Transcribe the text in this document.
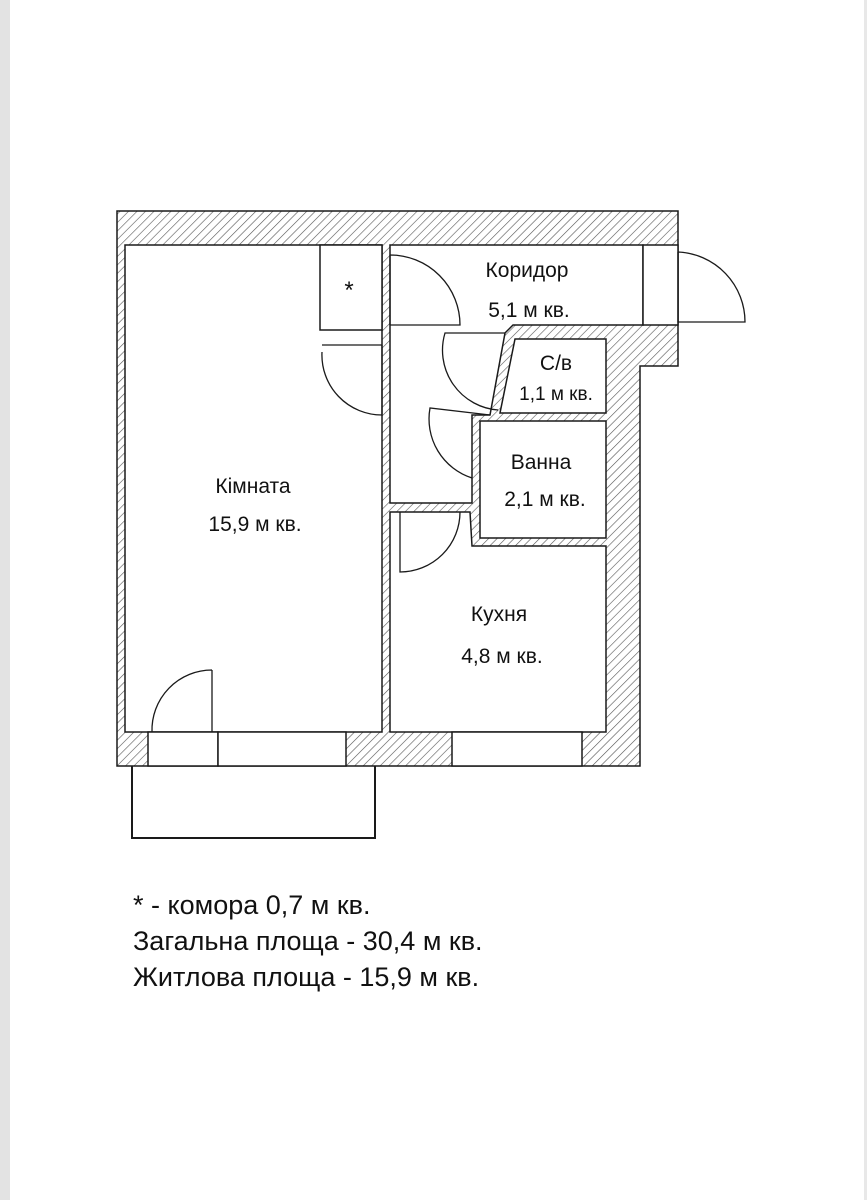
*
Коридор
5,1 м кв.
С/в
1,1 м кв.
Ванна
2,1 м кв.
Кімната
15,9 м кв.
Кухня
4,8 м кв.
* - комора 0,7 м кв.
Загальна площа - 30,4 м кв.
Житлова площа - 15,9 м кв.
